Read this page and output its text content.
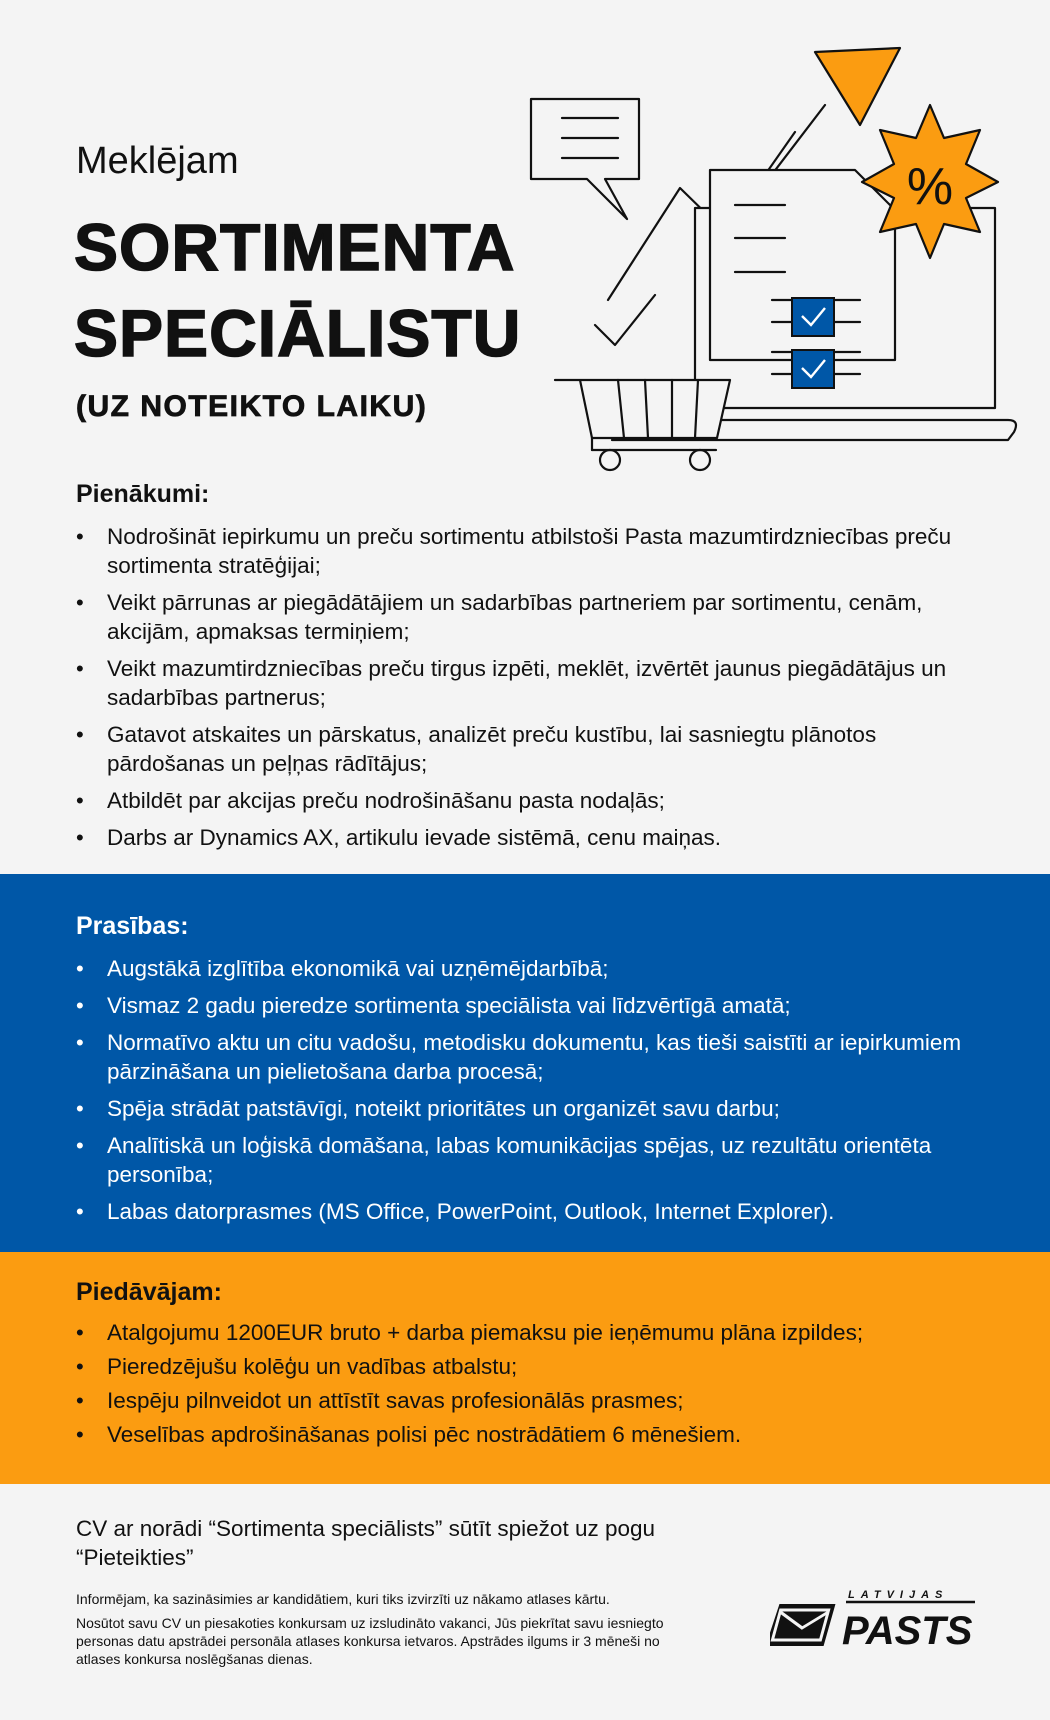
%
Meklējam
SORTIMENTA
SPECIĀLISTU
(UZ NOTEIKTO LAIKU)
Pienākumi:
• Nodrošināt iepirkumu un preču sortimentu atbilstoši Pasta mazumtirdzniecības preču sortimenta stratēģijai;
• Veikt pārrunas ar piegādātājiem un sadarbības partneriem par sortimentu, cenām, akcijām, apmaksas termiņiem;
• Veikt mazumtirdzniecības preču tirgus izpēti, meklēt, izvērtēt jaunus piegādātājus un sadarbības partnerus;
• Gatavot atskaites un pārskatus, analizēt preču kustību, lai sasniegtu plānotos pārdošanas un peļņas rādītājus;
• Atbildēt par akcijas preču nodrošināšanu pasta nodaļās;
• Darbs ar Dynamics AX, artikulu ievade sistēmā, cenu maiņas.
Prasības:
• Augstākā izglītība ekonomikā vai uzņēmējdarbībā;
• Vismaz 2 gadu pieredze sortimenta speciālista vai līdzvērtīgā amatā;
• Normatīvo aktu un citu vadošu, metodisku dokumentu, kas tieši saistīti ar iepirkumiem pārzināšana un pielietošana darba procesā;
• Spēja strādāt patstāvīgi, noteikt prioritātes un organizēt savu darbu;
• Analītiskā un loģiskā domāšana, labas komunikācijas spējas, uz rezultātu orientēta personība;
• Labas datorprasmes (MS Office, PowerPoint, Outlook, Internet Explorer).
Piedāvājam:
• Atalgojumu 1200EUR bruto + darba piemaksu pie ieņēmumu plāna izpildes;
• Pieredzējušu kolēģu un vadības atbalstu;
• Iespēju pilnveidot un attīstīt savas profesionālās prasmes;
• Veselības apdrošināšanas polisi pēc nostrādātiem 6 mēnešiem.
CV ar norādi “Sortimenta speciālists” sūtīt spiežot uz pogu “Pieteikties”
Informējam, ka sazināsimies ar kandidātiem, kuri tiks izvirzīti uz nākamo atlases kārtu.
Nosūtot savu CV un piesakoties konkursam uz izsludināto vakanci, Jūs piekrītat savu iesniegto personas datu apstrādei personāla atlases konkursa ietvaros. Apstrādes ilgums ir 3 mēneši no atlases konkursa noslēgšanas dienas.
LATVIJAS
PASTS
